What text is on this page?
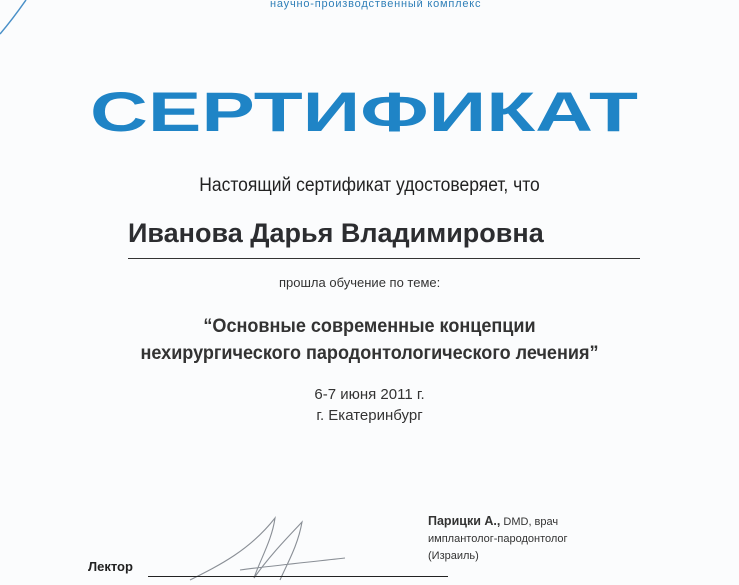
научно-производственный комплекс
СЕРТИФИКАТ
Настоящий сертификат удостоверяет, что
Иванова Дарья Владимировна
прошла обучение по теме:
“Основные современные концепции
нехирургического пародонтологического лечения”
6-7 июня 2011 г.
г. Екатеринбург
Парицки А., DMD, врач
имплантолог-пародонтолог
(Израиль)
Лектор
